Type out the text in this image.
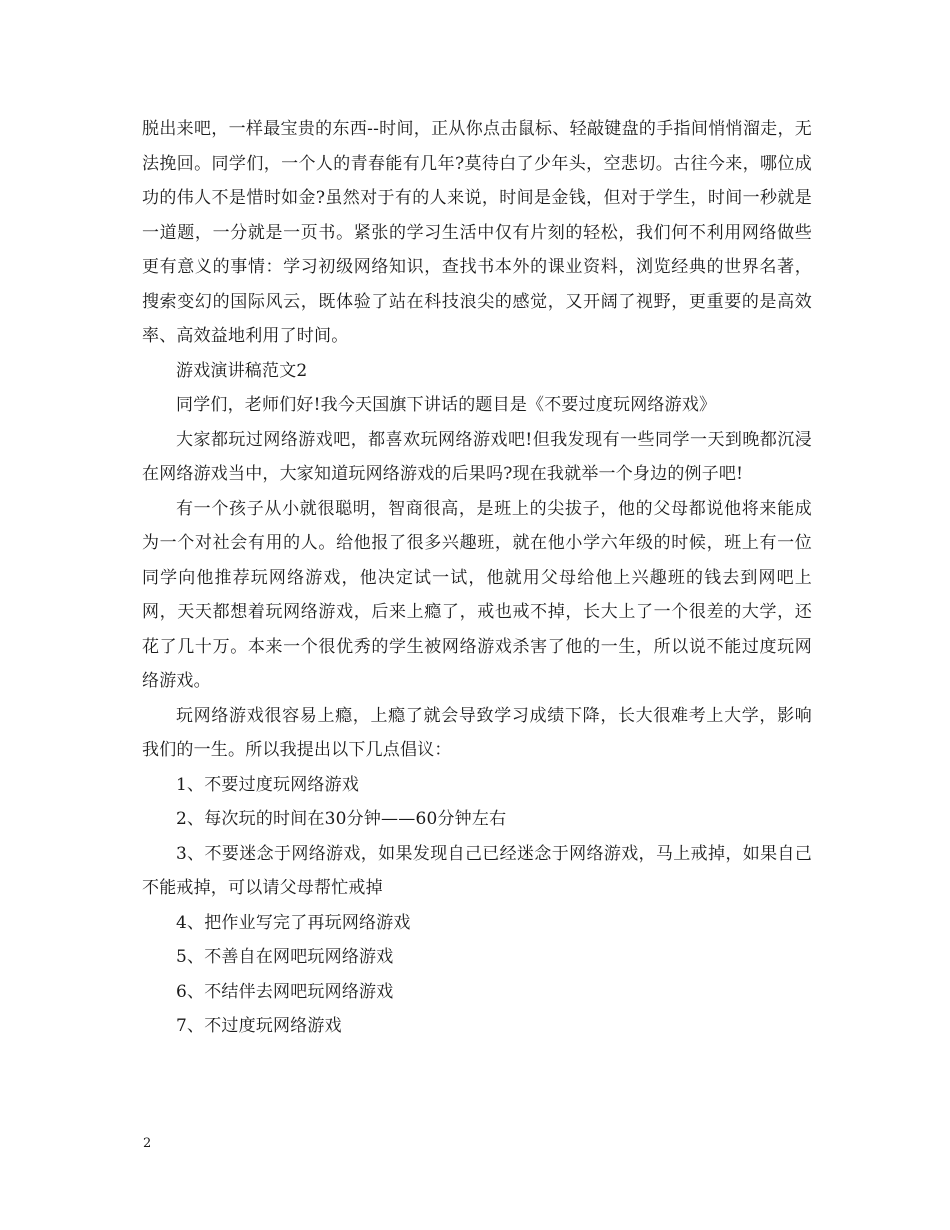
脱出来吧，一样最宝贵的东西--时间，正从你点击鼠标、轻敲键盘的手指间悄悄溜走，无法挽回。同学们，一个人的青春能有几年?莫待白了少年头，空悲切。古往今来，哪位成功的伟人不是惜时如金?虽然对于有的人来说，时间是金钱，但对于学生，时间一秒就是一道题，一分就是一页书。紧张的学习生活中仅有片刻的轻松，我们何不利用网络做些更有意义的事情：学习初级网络知识，查找书本外的课业资料，浏览经典的世界名著，搜索变幻的国际风云，既体验了站在科技浪尖的感觉，又开阔了视野，更重要的是高效率、高效益地利用了时间。

游戏演讲稿范文2

同学们，老师们好!我今天国旗下讲话的题目是《不要过度玩网络游戏》

大家都玩过网络游戏吧，都喜欢玩网络游戏吧!但我发现有一些同学一天到晚都沉浸在网络游戏当中，大家知道玩网络游戏的后果吗?现在我就举一个身边的例子吧!

有一个孩子从小就很聪明，智商很高，是班上的尖拔子，他的父母都说他将来能成为一个对社会有用的人。给他报了很多兴趣班，就在他小学六年级的时候，班上有一位同学向他推荐玩网络游戏，他决定试一试，他就用父母给他上兴趣班的钱去到网吧上网，天天都想着玩网络游戏，后来上瘾了，戒也戒不掉，长大上了一个很差的大学，还花了几十万。本来一个很优秀的学生被网络游戏杀害了他的一生，所以说不能过度玩网络游戏。

玩网络游戏很容易上瘾，上瘾了就会导致学习成绩下降，长大很难考上大学，影响我们的一生。所以我提出以下几点倡议：

1、不要过度玩网络游戏

2、每次玩的时间在30分钟——60分钟左右

3、不要迷念于网络游戏，如果发现自己已经迷念于网络游戏，马上戒掉，如果自己不能戒掉，可以请父母帮忙戒掉

4、把作业写完了再玩网络游戏

5、不善自在网吧玩网络游戏

6、不结伴去网吧玩网络游戏

7、不过度玩网络游戏

2
